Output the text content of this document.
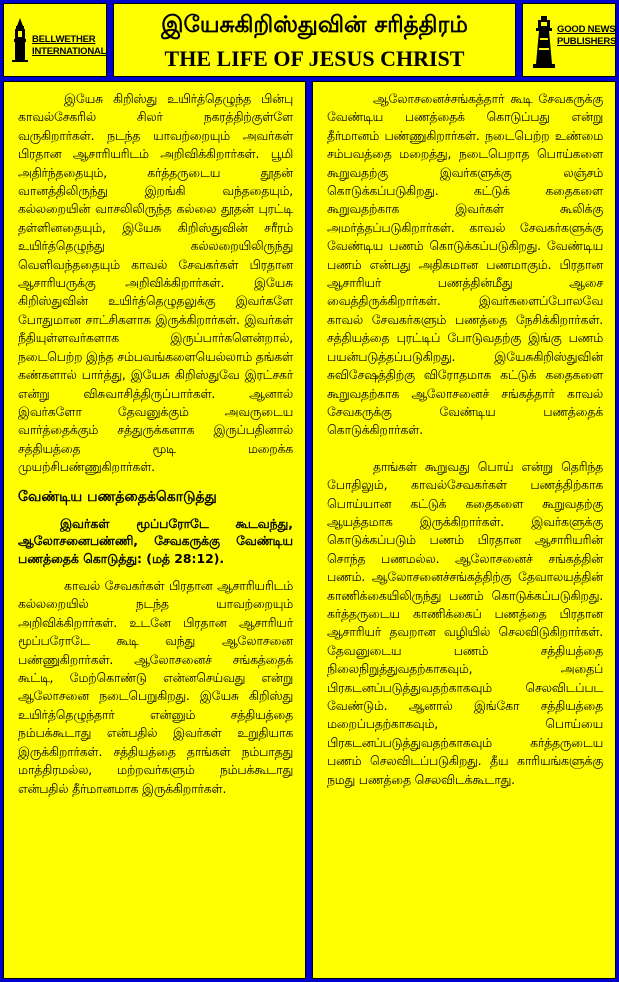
BELLWETHER
INTERNATIONAL
இயேசுகிறிஸ்துவின் சரித்திரம்
THE LIFE OF JESUS CHRIST
GOOD NEWS
PUBLISHERS

இயேசு கிறிஸ்து உயிர்த்தெழுந்த பின்பு காவல்சேகரில் சிலர் நகரத்திற்குள்ளே வருகிறார்கள். நடந்த யாவற்றையும் அவர்கள் பிரதான ஆசாரியரிடம் அறிவிக்கிறார்கள். பூமி அதிர்ந்ததையும், கர்த்தருடைய தூதன் வானத்திலிருந்து இறங்கி வந்ததையும், கல்லறையின் வாசலிலிருந்த கல்லை தூதன் புரட்டி தள்ளினதையும், இயேசு கிறிஸ்துவின் சரீரம் உயிர்த்தெழுந்து கல்லறையிலிருந்து வெளிவந்ததையும் காவல் சேவகர்கள் பிரதான ஆசாரியருக்கு அறிவிக்கிறார்கள். இயேசு கிறிஸ்துவின் உயிர்த்தெழுதலுக்கு இவர்களே போதுமான சாட்சிகளாக இருக்கிறார்கள். இவர்கள் நீதியுள்ளவர்களாக இருப்பார்களென்றால், நடைபெற்ற இந்த சம்பவங்களையெல்லாம் தங்கள் கண்களால் பார்த்து, இயேசு கிறிஸ்துவே இரட்சகர் என்று விசுவாசித்திருப்பார்கள். ஆனால் இவர்களோ தேவனுக்கும் அவருடைய வார்த்தைக்கும் சத்துருக்களாக இருப்பதினால் சத்தியத்தை மூடி மறைக்க முயற்சிபண்ணுகிறார்கள்.

வேண்டிய பணத்தைக்கொடுத்து

இவர்கள் மூப்பரோடே கூடவந்து, ஆலோசனைபண்ணி, சேவகருக்கு வேண்டிய பணத்தைக் கொடுத்து: (மத் 28:12).

காவல் சேவகர்கள் பிரதான ஆசாரியரிடம் கல்லறையில் நடந்த யாவற்றையும் அறிவிக்கிறார்கள். உடனே பிரதான ஆசாரியர் மூப்பரோடே கூடி வந்து ஆலோசனை பண்ணுகிறார்கள். ஆலோசனைச் சங்கத்தைக் கூட்டி, மேற்கொண்டு என்னசெய்வது என்று ஆலோசனை நடைபெறுகிறது. இயேசு கிறிஸ்து உயிர்த்தெழுந்தார் என்னும் சத்தியத்தை நம்பக்கூடாது என்பதில் இவர்கள் உறுதியாக இருக்கிறார்கள். சத்தியத்தை தாங்கள் நம்பாதது மாத்திரமல்ல, மற்றவர்களும் நம்பக்கூடாது என்பதில் தீர்மானமாக இருக்கிறார்கள்.

ஆலோசனைச்சங்கத்தார் கூடி சேவகருக்கு வேண்டிய பணத்தைக் கொடுப்பது என்று தீர்மானம் பண்ணுகிறார்கள். நடைபெற்ற உண்மை சம்பவத்தை மறைத்து, நடைபெறாத பொய்களை கூறுவதற்கு இவர்களுக்கு லஞ்சம் கொடுக்கப்படுகிறது. கட்டுக் கதைகளை கூறுவதற்காக இவர்கள் கூலிக்கு அமர்த்தப்படுகிறார்கள். காவல் சேவகர்களுக்கு வேண்டிய பணம் கொடுக்கப்படுகிறது. வேண்டிய பணம் என்பது அதிகமான பணமாகும். பிரதான ஆசாரியர் பணத்தின்மீது ஆசை வைத்திருக்கிறார்கள். இவர்களைப்போலவே காவல் சேவகர்களும் பணத்தை நேசிக்கிறார்கள். சத்தியத்தை புரட்டிப் போடுவதற்கு இங்கு பணம் பயன்படுத்தப்படுகிறது. இயேசுகிறிஸ்துவின் சுவிசேஷத்திற்கு விரோதமாக கட்டுக் கதைகளை கூறுவதற்காக ஆலோசனைச் சங்கத்தார் காவல் சேவகருக்கு வேண்டிய பணத்தைக் கொடுக்கிறார்கள்.

தாங்கள் கூறுவது பொய் என்று தெரிந்த போதிலும், காவல்சேவகர்கள் பணத்திற்காக பொய்யான கட்டுக் கதைகளை கூறுவதற்கு ஆயத்தமாக இருக்கிறார்கள். இவர்களுக்கு கொடுக்கப்படும் பணம் பிரதான ஆசாரியரின் சொந்த பணமல்ல. ஆலோசனைச் சங்கத்தின் பணம். ஆலோசனைச்சங்கத்திற்கு தேவாலயத்தின் காணிக்கையிலிருந்து பணம் கொடுக்கப்படுகிறது. கர்த்தருடைய காணிக்கைப் பணத்தை பிரதான ஆசாரியர் தவறான வழியில் செலவிடுகிறார்கள். தேவனுடைய பணம் சத்தியத்தை நிலைநிறுத்துவதற்காகவும், அதைப் பிரகடனப்படுத்துவதற்காகவும் செலவிடப்பட வேண்டும். ஆனால் இங்கோ சத்தியத்தை மறைப்பதற்காகவும், பொய்யை பிரகடனப்படுத்துவதற்காகவும் கர்த்தருடைய பணம் செலவிடப்படுகிறது. தீய காரியங்களுக்கு நமது பணத்தை செலவிடக்கூடாது.
